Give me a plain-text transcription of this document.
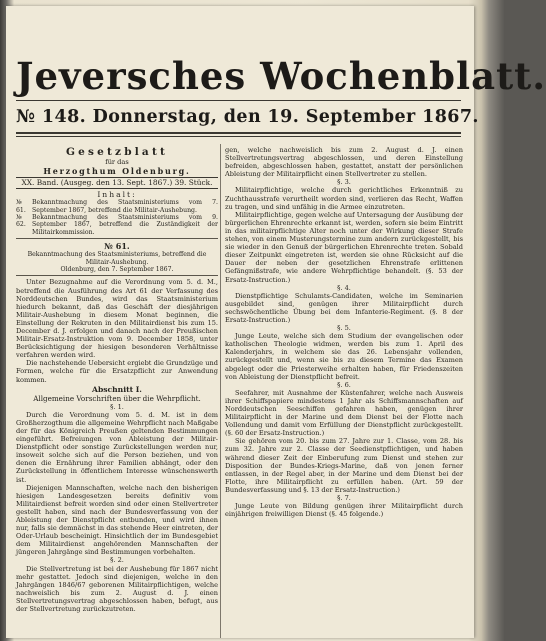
Jeversches Wochenblatt.
№ 148. Donnerstag, den 19. September 1867.
Gesetzblatt
für das
Herzogthum Oldenburg.
XX. Band. (Ausgeg. den 13. Sept. 1867.) 39. Stück.
Inhalt:
№ 61.
Bekanntmachung des Staatsministeriums vom 7. September 1867, betreffend die Militair-Aushebung.
№ 62.
Bekanntmachung des Staatsministeriums vom 9. September 1867, betreffend die Zuständigkeit der Militairkommission.
№ 61.

Bekanntmachung des Staatsministeriums, betreffend die Militair-Aushebung.

Oldenburg, den 7. September 1867.

Unter Bezugnahme auf die Verordnung vom 5. d. M., betreffend die Ausführung des Art 61 der Verfassung des Norddeutschen Bundes, wird das Staatsministerium hiedurch bekannt, daß das Geschäft der diesjährigen Militair-Aushebung in diesem Monat beginnen, die Einstellung der Rekruten in den Militairdienst bis zum 15. December d. J. erfolgen und danach nach der Preußischen Militair-Ersatz-Instruktion vom 9. December 1858, unter Berücksichtigung der hiesigen besonderen Verhältnisse verfahren werden wird.

Die nachstehende Uebersicht ergiebt die Grundzüge und Formen, welche für die Ersatzpflicht zur Anwendung kommen.

Abschnitt I.
Allgemeine Vorschriften über die Wehrpflicht.
§. 1.

Durch die Verordnung vom 5. d. M. ist in dem Großherzogthum die allgemeine Wehrpflicht nach Maßgabe der für das Königreich Preußen geltenden Bestimmungen eingeführt. Befreiungen von Ableistung der Militair-Dienstpflicht oder sonstige Zurückstellungen werden nur, insoweit solche sich auf die Person beziehen, und von denen die Ernährung ihrer Familien abhängt, oder den Zurückstellung in öffentlichem Interesse wünschenswerth ist.

Diejenigen Mannschaften, welche nach den bisherigen hiesigen Landesgesetzen bereits definitiv vom Militairdienst befreit worden sind oder einen Stellvertreter gestellt haben, sind nach der Bundesverfassung von der Ableistung der Dienstpflicht entbunden, und wird ihnen nur, falls sie demnächst in das stehende Heer eintreten, der Oder-Urlaub bescheinigt. Hinsichtlich der im Bundesgebiet dem Militairdienst angehörenden Mannschaften der jüngeren Jahrgänge sind Bestimmungen vorbehalten.

§. 2.

Die Stellvertretung ist bei der Aushebung für 1867 nicht mehr gestattet. Jedoch sind diejenigen, welche in den Jahrgängen 1846/67 geborenen Militairpflichtigen, welche nachweislich bis zum 2. August d. J. einen Stellvertretungsvertrag abgeschlossen haben, befugt, aus der Stellvertretung zurückzutreten.

gen, welche nachweislich bis zum 2. August d. J. einen Stellvertretungsvertrag abgeschlossen, und deren Einstellung befreiden, abgeschlossen haben, gestattet, anstatt der persönlichen Ableistung der Militairpflicht einen Stellvertreter zu stellen.

§. 3.

Militairpflichtige, welche durch gerichtliches Erkenntniß zu Zuchthausstrafe verurtheilt worden sind, verlieren das Recht, Waffen zu tragen, und sind unfähig in die Armee einzutreten.

Militairpflichtige, gegen welche auf Untersagung der Ausübung der bürgerlichen Ehrenrechte erkannt ist, werden, sofern sie beim Eintritt in das militairpflichtige Alter noch unter der Wirkung dieser Strafe stehen, von einem Musterungstermine zum andern zurückgestellt, bis sie wieder in den Genuß der bürgerlichen Ehrenrechte treten. Sobald dieser Zeitpunkt eingetreten ist, werden sie ohne Rücksicht auf die Dauer der neben der gesetzlichen Ehrenstrafe erlittenen Gefängnißstrafe, wie andere Wehrpflichtige behandelt. (§. 53 der Ersatz-Instruction.)

§. 4.

Dienstpflichtige Schulamts-Candidaten, welche im Seminarien ausgebildet sind, genügen ihrer Militairpflicht durch sechswöchentliche Übung bei dem Infanterie-Regiment. (§. 8 der Ersatz-Instruction.)

§. 5.

Junge Leute, welche sich dem Studium der evangelischen oder katholischen Theologie widmen, werden bis zum 1. April des Kalenderjahrs, in welchem sie das 26. Lebensjahr vollenden, zurückgestellt und, wenn sie bis zu diesem Termine das Examen abgelegt oder die Priesterweihe erhalten haben, für Friedenszeiten von Ableistung der Dienstpflicht befreit.

§. 6.

Seefahrer, mit Ausnahme der Küstenfahrer, welche nach Ausweis ihrer Schiffspapiere mindestens 1 Jahr als Schiffsmannschaften auf Norddeutschen Seeschiffen gefahren haben, genügen ihrer Militairpflicht in der Marine und dem Dienst bei der Flotte nach Vollendung und damit vom Erfüllung der Dienstpflicht zurückgestellt. (§. 60 der Ersatz-Instruction.)

Sie gehören vom 20. bis zum 27. Jahre zur 1. Classe, vom 28. bis zum 32. Jahre zur 2. Classe der Seedienstpflichtigen, und haben während dieser Zeit der Einberufung zum Dienst und stehen zur Disposition der Bundes-Kriegs-Marine, daß von jenen ferner entlassen, in der Regel aber, in der Marine und dem Dienst bei der Flotte, ihre Militairpflicht zu erfüllen haben. (Art. 59 der Bundesverfassung und §. 13 der Ersatz-Instruction.)

§. 7.

Junge Leute von Bildung genügen ihrer Militairpflicht durch einjährigen freiwilligen Dienst (§. 45 folgende.)
